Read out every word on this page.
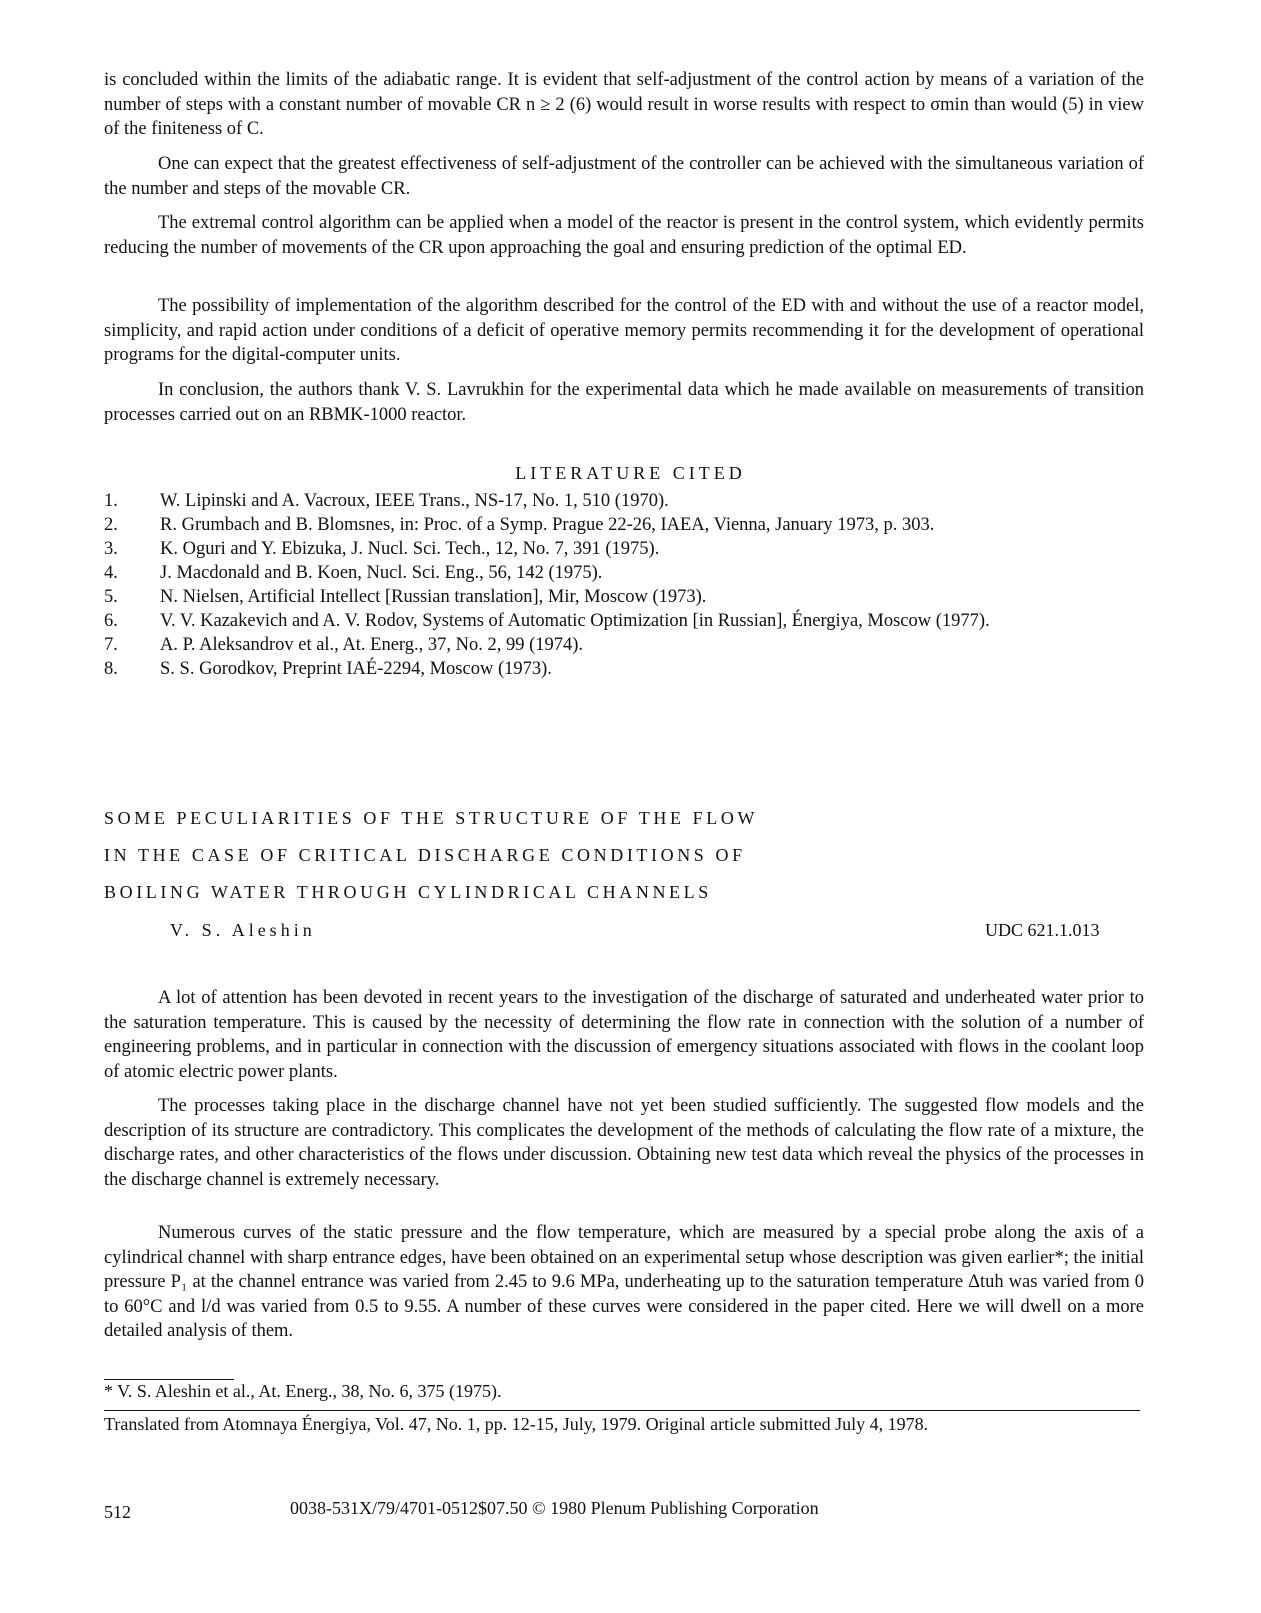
is concluded within the limits of the adiabatic range. It is evident that self-adjustment of the control action by means of a variation of the number of steps with a constant number of movable CR n ≥ 2 (6) would result in worse results with respect to σmin than would (5) in view of the finiteness of C.

One can expect that the greatest effectiveness of self-adjustment of the controller can be achieved with the simultaneous variation of the number and steps of the movable CR.

The extremal control algorithm can be applied when a model of the reactor is present in the control system, which evidently permits reducing the number of movements of the CR upon approaching the goal and ensuring prediction of the optimal ED.

The possibility of implementation of the algorithm described for the control of the ED with and without the use of a reactor model, simplicity, and rapid action under conditions of a deficit of operative memory permits recommending it for the development of operational programs for the digital-computer units.

In conclusion, the authors thank V. S. Lavrukhin for the experimental data which he made available on measurements of transition processes carried out on an RBMK-1000 reactor.

LITERATURE CITED
1.	W. Lipinski and A. Vacroux, IEEE Trans., NS-17, No. 1, 510 (1970).
2.	R. Grumbach and B. Blomsnes, in: Proc. of a Symp. Prague 22-26, IAEA, Vienna, January 1973, p. 303.
3.	K. Oguri and Y. Ebizuka, J. Nucl. Sci. Tech., 12, No. 7, 391 (1975).
4.	J. Macdonald and B. Koen, Nucl. Sci. Eng., 56, 142 (1975).
5.	N. Nielsen, Artificial Intellect [Russian translation], Mir, Moscow (1973).
6.	V. V. Kazakevich and A. V. Rodov, Systems of Automatic Optimization [in Russian], Énergiya, Moscow (1977).
7.	A. P. Aleksandrov et al., At. Energ., 37, No. 2, 99 (1974).
8.	S. S. Gorodkov, Preprint IAÉ-2294, Moscow (1973).
SOME PECULIARITIES OF THE STRUCTURE OF THE FLOW
IN THE CASE OF CRITICAL DISCHARGE CONDITIONS OF
BOILING WATER THROUGH CYLINDRICAL CHANNELS
V. S. Aleshin	UDC 621.1.013

A lot of attention has been devoted in recent years to the investigation of the discharge of saturated and underheated water prior to the saturation temperature. This is caused by the necessity of determining the flow rate in connection with the solution of a number of engineering problems, and in particular in connection with the discussion of emergency situations associated with flows in the coolant loop of atomic electric power plants.

The processes taking place in the discharge channel have not yet been studied sufficiently. The suggested flow models and the description of its structure are contradictory. This complicates the development of the methods of calculating the flow rate of a mixture, the discharge rates, and other characteristics of the flows under discussion. Obtaining new test data which reveal the physics of the processes in the discharge channel is extremely necessary.

Numerous curves of the static pressure and the flow temperature, which are measured by a special probe along the axis of a cylindrical channel with sharp entrance edges, have been obtained on an experimental setup whose description was given earlier*; the initial pressure P₁ at the channel entrance was varied from 2.45 to 9.6 MPa, underheating up to the saturation temperature Δtuh was varied from 0 to 60°C and l/d was varied from 0.5 to 9.55. A number of these curves were considered in the paper cited. Here we will dwell on a more detailed analysis of them.

* V. S. Aleshin et al., At. Energ., 38, No. 6, 375 (1975).
Translated from Atomnaya Énergiya, Vol. 47, No. 1, pp. 12-15, July, 1979. Original article submitted July 4, 1978.
512	0038-531X/79/4701-0512$07.50 © 1980 Plenum Publishing Corporation
